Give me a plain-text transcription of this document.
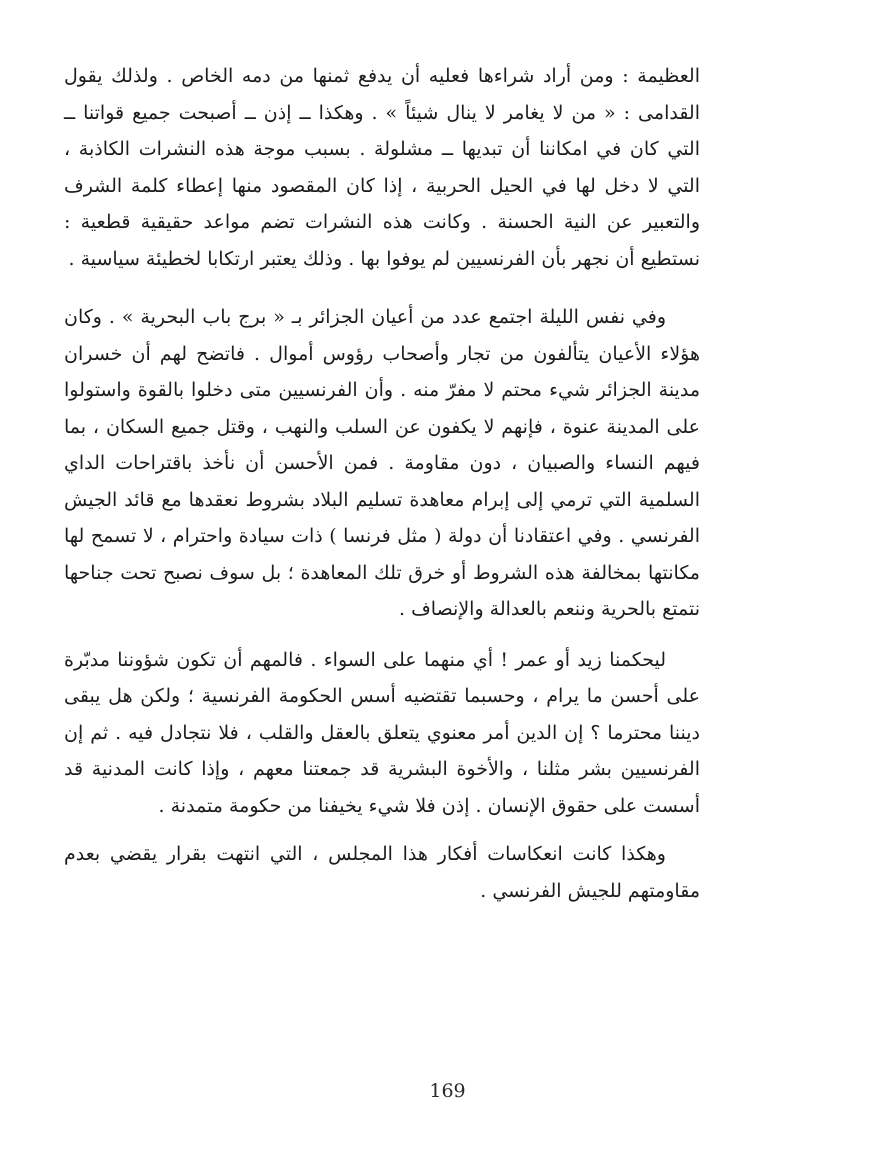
العظيمة : ومن أراد شراءها فعليه أن يدفع ثمنها من دمه الخاص . ولذلك يقول القدامى : « من لا يغامر لا ينال شيئاً » . وهكذا ــ إذن ــ أصبحت جميع قواتنا ــ التي كان في امكاننا أن تبديها ــ مشلولة . بسبب موجة هذه النشرات الكاذبة ، التي لا دخل لها في الحيل الحربية ، إذا كان المقصود منها إعطاء كلمة الشرف والتعبير عن النية الحسنة . وكانت هذه النشرات تضم مواعد حقيقية قطعية : نستطيع أن نجهر بأن الفرنسيين لم يوفوا بها . وذلك يعتبر ارتكابا لخطيئة سياسية .

وفي نفس الليلة اجتمع عدد من أعيان الجزائر بـ « برج باب البحرية » . وكان هؤلاء الأعيان يتألفون من تجار وأصحاب رؤوس أموال . فاتضح لهم أن خسران مدينة الجزائر شيء محتم لا مفرّ منه . وأن الفرنسيين متى دخلوا بالقوة واستولوا على المدينة عنوة ، فإنهم لا يكفون عن السلب والنهب ، وقتل جميع السكان ، بما فيهم النساء والصبيان ، دون مقاومة . فمن الأحسن أن نأخذ باقتراحات الداي السلمية التي ترمي إلى إبرام معاهدة تسليم البلاد بشروط نعقدها مع قائد الجيش الفرنسي . وفي اعتقادنا أن دولة ( مثل فرنسا ) ذات سيادة واحترام ، لا تسمح لها مكانتها بمخالفة هذه الشروط أو خرق تلك المعاهدة ؛ بل سوف نصبح تحت جناحها نتمتع بالحرية وننعم بالعدالة والإنصاف .

ليحكمنا زيد أو عمر ! أي منهما على السواء . فالمهم أن تكون شؤوننا مدبّرة على أحسن ما يرام ، وحسبما تقتضيه أسس الحكومة الفرنسية ؛ ولكن هل يبقى ديننا محترما ؟ إن الدين أمر معنوي يتعلق بالعقل والقلب ، فلا نتجادل فيه . ثم إن الفرنسيين بشر مثلنا ، والأخوة البشرية قد جمعتنا معهم ، وإذا كانت المدنية قد أسست على حقوق الإنسان . إذن فلا شيء يخيفنا من حكومة متمدنة .

وهكذا كانت انعكاسات أفكار هذا المجلس ، التي انتهت بقرار يقضي بعدم مقاومتهم للجيش الفرنسي .

169
